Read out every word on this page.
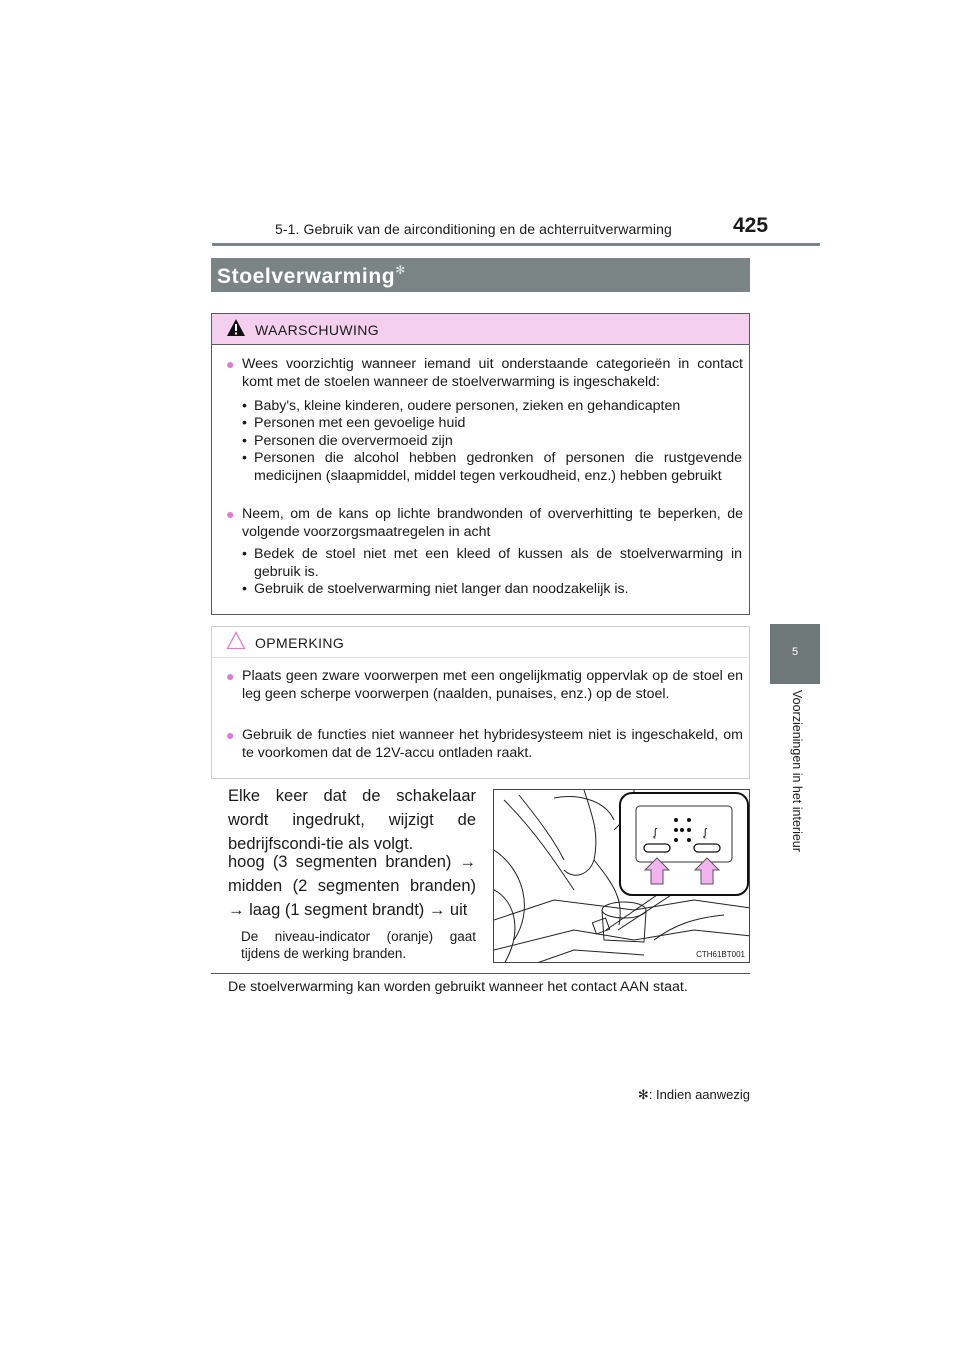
5-1. Gebruik van de airconditioning en de achterruitverwarming	425
5
Voorzieningen in het interieur
Stoelverwarming✻
WAARSCHUWING
● Wees voorzichtig wanneer iemand uit onderstaande categorieën in contact komt met de stoelen wanneer de stoelverwarming is ingeschakeld:
• Baby's, kleine kinderen, oudere personen, zieken en gehandicapten
• Personen met een gevoelige huid
• Personen die oververmoeid zijn
• Personen die alcohol hebben gedronken of personen die rustgevende medicijnen (slaapmiddel, middel tegen verkoudheid, enz.) hebben gebruikt
● Neem, om de kans op lichte brandwonden of oververhitting te beperken, de volgende voorzorgsmaatregelen in acht
• Bedek de stoel niet met een kleed of kussen als de stoelverwarming in gebruik is.
• Gebruik de stoelverwarming niet langer dan noodzakelijk is.
OPMERKING
● Plaats geen zware voorwerpen met een ongelijkmatig oppervlak op de stoel en leg geen scherpe voorwerpen (naalden, punaises, enz.) op de stoel.
● Gebruik de functies niet wanneer het hybridesysteem niet is ingeschakeld, om te voorkomen dat de 12V-accu ontladen raakt.
Elke keer dat de schakelaar wordt ingedrukt, wijzigt de bedrijfscondi-tie als volgt.
hoog (3 segmenten branden) → midden (2 segmenten branden) → laag (1 segment brandt) → uit
De niveau-indicator (oranje) gaat tijdens de werking branden.
ᶘ	ᶘ
CTH61BT001
De stoelverwarming kan worden gebruikt wanneer het contact AAN staat.
✻: Indien aanwezig
